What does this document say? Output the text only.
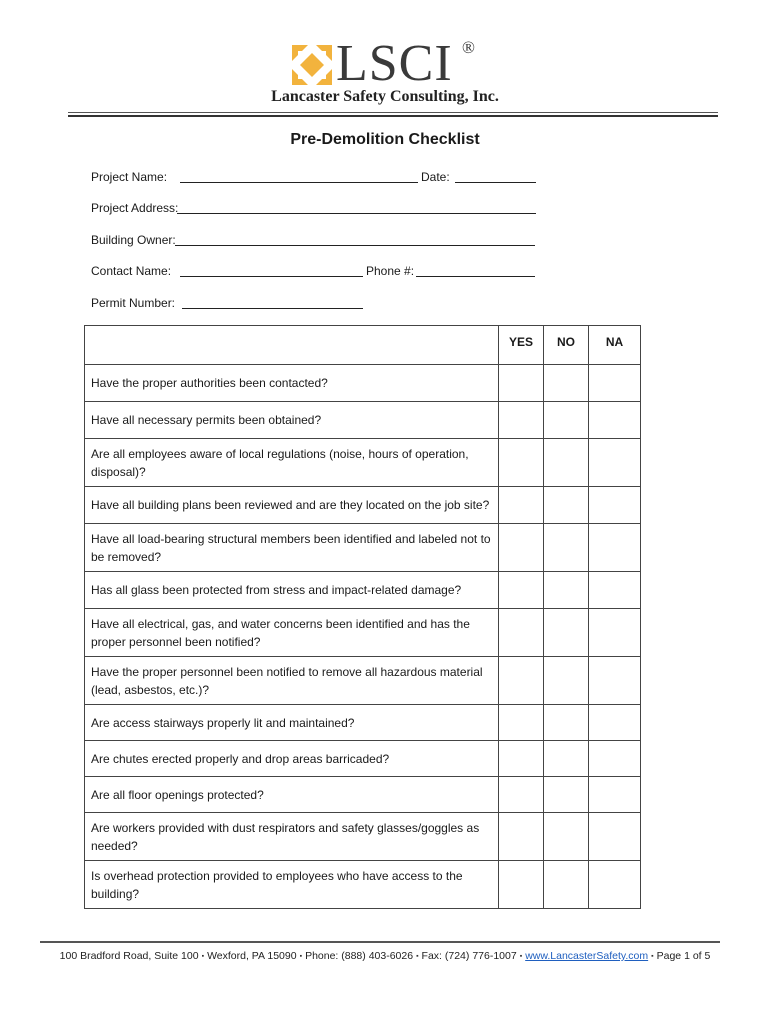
LSCI ®
Lancaster Safety Consulting, Inc.
Pre-Demolition Checklist
Project Name:	Date:
Project Address:
Building Owner:
Contact Name:	Phone #:
Permit Number:
	YES	NO	NA
Have the proper authorities been contacted?			
Have all necessary permits been obtained?			
Are all employees aware of local regulations (noise, hours of operation, disposal)?			
Have all building plans been reviewed and are they located on the job site?			
Have all load-bearing structural members been identified and labeled not to be removed?			
Has all glass been protected from stress and impact-related damage?			
Have all electrical, gas, and water concerns been identified and has the proper personnel been notified?			
Have the proper personnel been notified to remove all hazardous material (lead, asbestos, etc.)?			
Are access stairways properly lit and maintained?			
Are chutes erected properly and drop areas barricaded?			
Are all floor openings protected?			
Are workers provided with dust respirators and safety glasses/goggles as needed?			
Is overhead protection provided to employees who have access to the building?			
100 Bradford Road, Suite 100 ▪ Wexford, PA 15090 ▪ Phone: (888) 403-6026 ▪ Fax: (724) 776-1007 ▪ www.LancasterSafety.com ▪ Page 1 of 5
